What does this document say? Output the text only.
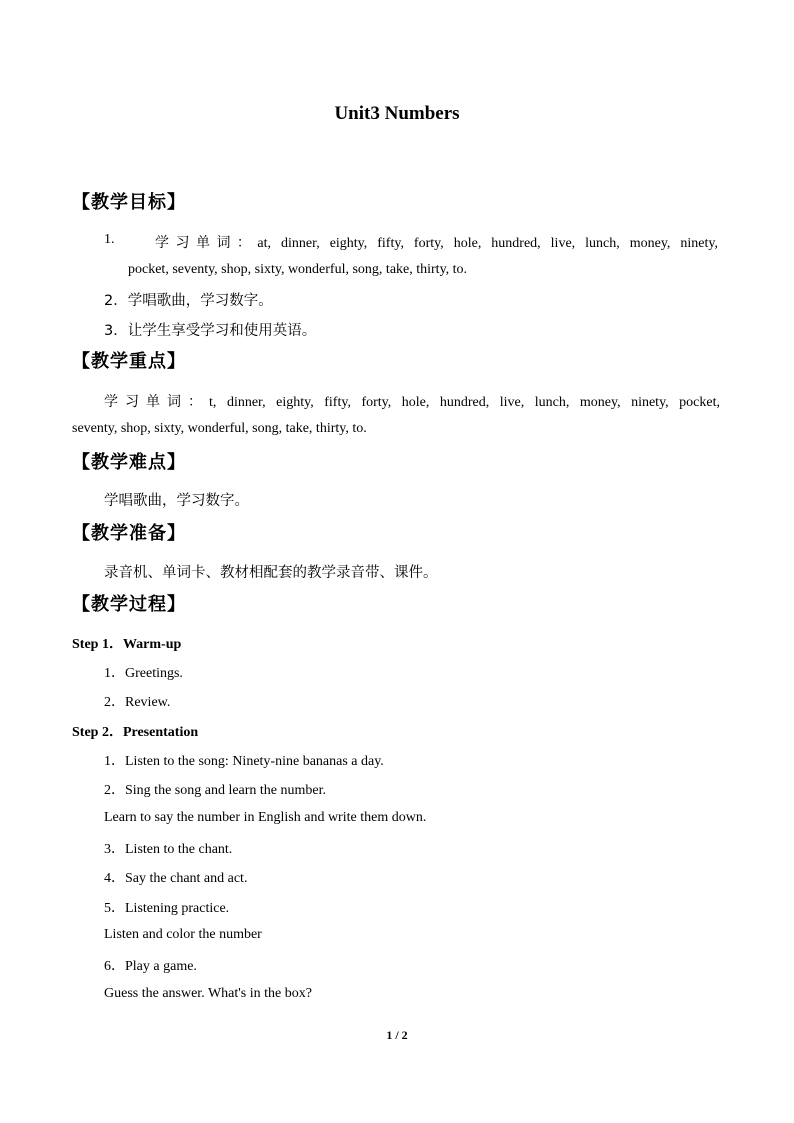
Unit3 Numbers
【教学目标】
1.	学习单词：at, dinner, eighty, fifty, forty, hole, hundred, live, lunch, money, ninety,
pocket, seventy, shop, sixty, wonderful, song, take, thirty, to.
2．学唱歌曲，学习数字。
3．让学生享受学习和使用英语。
【教学重点】
学习单词：t, dinner, eighty, fifty, forty, hole, hundred, live, lunch, money, ninety, pocket,
seventy, shop, sixty, wonderful, song, take, thirty, to.
【教学难点】
学唱歌曲，学习数字。
【教学准备】
录音机、单词卡、教材相配套的教学录音带、课件。
【教学过程】
Step 1．Warm-up
1．Greetings.
2．Review.
Step 2．Presentation
1．Listen to the song: Ninety-nine bananas a day.
2．Sing the song and learn the number.
Learn to say the number in English and write them down.
3．Listen to the chant.
4．Say the chant and act.
5．Listening practice.
Listen and color the number
6．Play a game.
Guess the answer. What's in the box?
1 / 2
